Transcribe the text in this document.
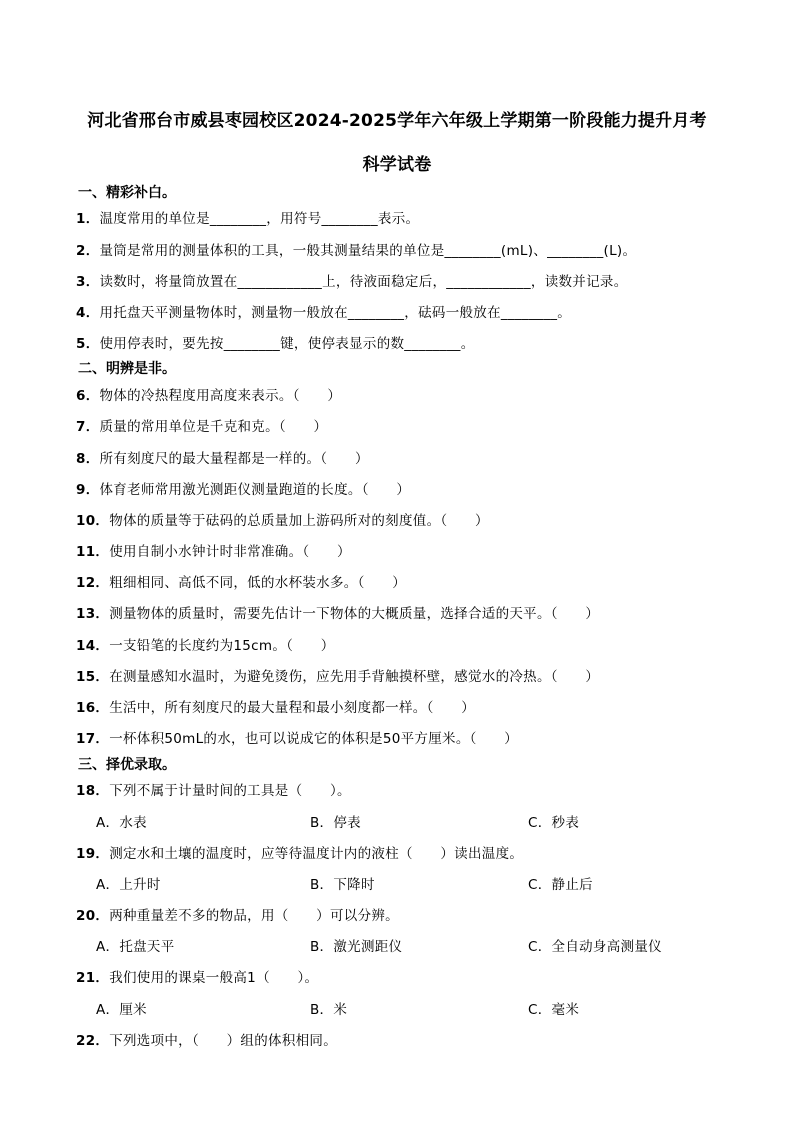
河北省邢台市威县枣园校区2024-2025学年六年级上学期第一阶段能力提升月考
科学试卷
一、精彩补白。
1．温度常用的单位是________，用符号________表示。
2．量筒是常用的测量体积的工具，一般其测量结果的单位是________(mL)、________(L)。
3．读数时，将量筒放置在____________上，待液面稳定后，____________，读数并记录。
4．用托盘天平测量物体时，测量物一般放在________，砝码一般放在________。
5．使用停表时，要先按________键，使停表显示的数________。
二、明辨是非。
6．物体的冷热程度用高度来表示。（　　）
7．质量的常用单位是千克和克。（　　）
8．所有刻度尺的最大量程都是一样的。（　　）
9．体育老师常用激光测距仪测量跑道的长度。（　　）
10．物体的质量等于砝码的总质量加上游码所对的刻度值。（　　）
11．使用自制小水钟计时非常准确。（　　）
12．粗细相同、高低不同，低的水杯装水多。（　　）
13．测量物体的质量时，需要先估计一下物体的大概质量，选择合适的天平。（　　）
14．一支铅笔的长度约为15cm。（　　）
15．在测量感知水温时，为避免烫伤，应先用手背触摸杯壁，感觉水的冷热。（　　）
16．生活中，所有刻度尺的最大量程和最小刻度都一样。（　　）
17．一杯体积50mL的水，也可以说成它的体积是50平方厘米。（　　）
三、择优录取。
18．下列不属于计量时间的工具是（　　）。
A．水表	B．停表	C．秒表
19．测定水和土壤的温度时，应等待温度计内的液柱（　　）读出温度。
A．上升时	B．下降时	C．静止后
20．两种重量差不多的物品，用（　　）可以分辨。
A．托盘天平	B．激光测距仪	C．全自动身高测量仪
21．我们使用的课桌一般高1（　　）。
A．厘米	B．米	C．毫米
22．下列选项中，（　　）组的体积相同。
